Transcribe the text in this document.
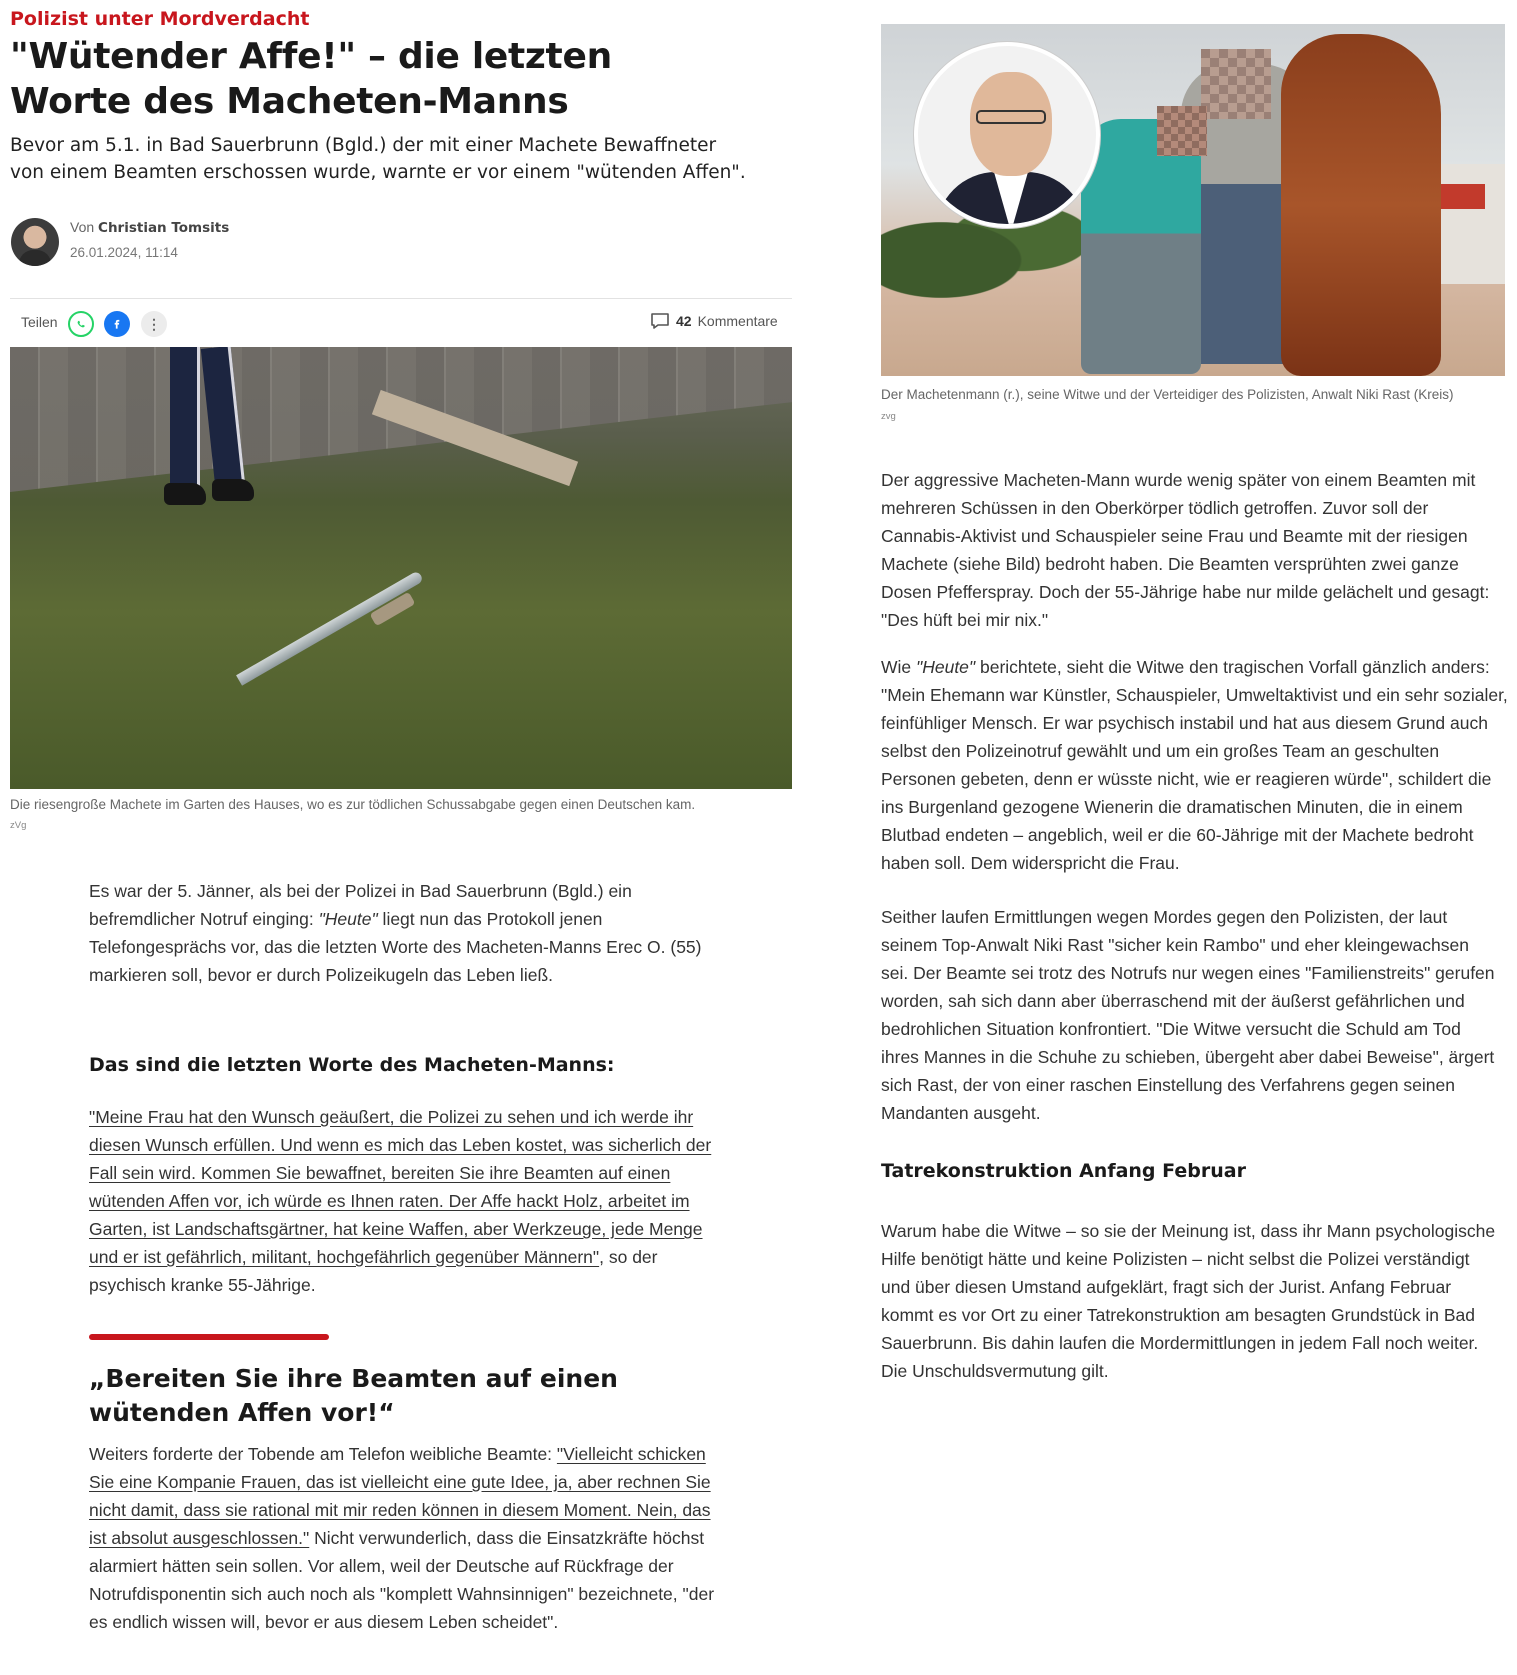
Polizist unter Mordverdacht
"Wütender Affe!" – die letzten Worte des Macheten-Manns

Bevor am 5.1. in Bad Sauerbrunn (Bgld.) der mit einer Machete Bewaffneter von einem Beamten erschossen wurde, warnte er vor einem "wütenden Affen".

Von Christian Tomsits
26.01.2024, 11:14
Teilen	⋮	42 Kommentare
Die riesengroße Machete im Garten des Hauses, wo es zur tödlichen Schussabgabe gegen einen Deutschen kam.
zVg

Es war der 5. Jänner, als bei der Polizei in Bad Sauerbrunn (Bgld.) ein befremdlicher Notruf einging: "Heute" liegt nun das Protokoll jenen Telefongesprächs vor, das die letzten Worte des Macheten-Manns Erec O. (55) markieren soll, bevor er durch Polizeikugeln das Leben ließ.

Das sind die letzten Worte des Macheten-Manns:

"Meine Frau hat den Wunsch geäußert, die Polizei zu sehen und ich werde ihr diesen Wunsch erfüllen. Und wenn es mich das Leben kostet, was sicherlich der Fall sein wird. Kommen Sie bewaffnet, bereiten Sie ihre Beamten auf einen wütenden Affen vor, ich würde es Ihnen raten. Der Affe hackt Holz, arbeitet im Garten, ist Landschaftsgärtner, hat keine Waffen, aber Werkzeuge, jede Menge und er ist gefährlich, militant, hochgefährlich gegenüber Männern", so der psychisch kranke 55-Jährige.

„Bereiten Sie ihre Beamten auf einen wütenden Affen vor!“

Weiters forderte der Tobende am Telefon weibliche Beamte: "Vielleicht schicken Sie eine Kompanie Frauen, das ist vielleicht eine gute Idee, ja, aber rechnen Sie nicht damit, dass sie rational mit mir reden können in diesem Moment. Nein, das ist absolut ausgeschlossen." Nicht verwunderlich, dass die Einsatzkräfte höchst alarmiert hätten sein sollen. Vor allem, weil der Deutsche auf Rückfrage der Notrufdisponentin sich auch noch als "komplett Wahnsinnigen" bezeichnete, "der es endlich wissen will, bevor er aus diesem Leben scheidet".

Der Machetenmann (r.), seine Witwe und der Verteidiger des Polizisten, Anwalt Niki Rast (Kreis)
zvg

Der aggressive Macheten-Mann wurde wenig später von einem Beamten mit mehreren Schüssen in den Oberkörper tödlich getroffen. Zuvor soll der Cannabis-Aktivist und Schauspieler seine Frau und Beamte mit der riesigen Machete (siehe Bild) bedroht haben. Die Beamten versprühten zwei ganze Dosen Pfefferspray. Doch der 55-Jährige habe nur milde gelächelt und gesagt: "Des hüft bei mir nix."

Wie "Heute" berichtete, sieht die Witwe den tragischen Vorfall gänzlich anders: "Mein Ehemann war Künstler, Schauspieler, Umweltaktivist und ein sehr sozialer, feinfühliger Mensch. Er war psychisch instabil und hat aus diesem Grund auch selbst den Polizeinotruf gewählt und um ein großes Team an geschulten Personen gebeten, denn er wüsste nicht, wie er reagieren würde", schildert die ins Burgenland gezogene Wienerin die dramatischen Minuten, die in einem Blutbad endeten – angeblich, weil er die 60-Jährige mit der Machete bedroht haben soll. Dem widerspricht die Frau.

Seither laufen Ermittlungen wegen Mordes gegen den Polizisten, der laut seinem Top-Anwalt Niki Rast "sicher kein Rambo" und eher kleingewachsen sei. Der Beamte sei trotz des Notrufs nur wegen eines "Familienstreits" gerufen worden, sah sich dann aber überraschend mit der äußerst gefährlichen und bedrohlichen Situation konfrontiert. "Die Witwe versucht die Schuld am Tod ihres Mannes in die Schuhe zu schieben, übergeht aber dabei Beweise", ärgert sich Rast, der von einer raschen Einstellung des Verfahrens gegen seinen Mandanten ausgeht.

Tatrekonstruktion Anfang Februar

Warum habe die Witwe – so sie der Meinung ist, dass ihr Mann psychologische Hilfe benötigt hätte und keine Polizisten – nicht selbst die Polizei verständigt und über diesen Umstand aufgeklärt, fragt sich der Jurist. Anfang Februar kommt es vor Ort zu einer Tatrekonstruktion am besagten Grundstück in Bad Sauerbrunn. Bis dahin laufen die Mordermittlungen in jedem Fall noch weiter. Die Unschuldsvermutung gilt.
